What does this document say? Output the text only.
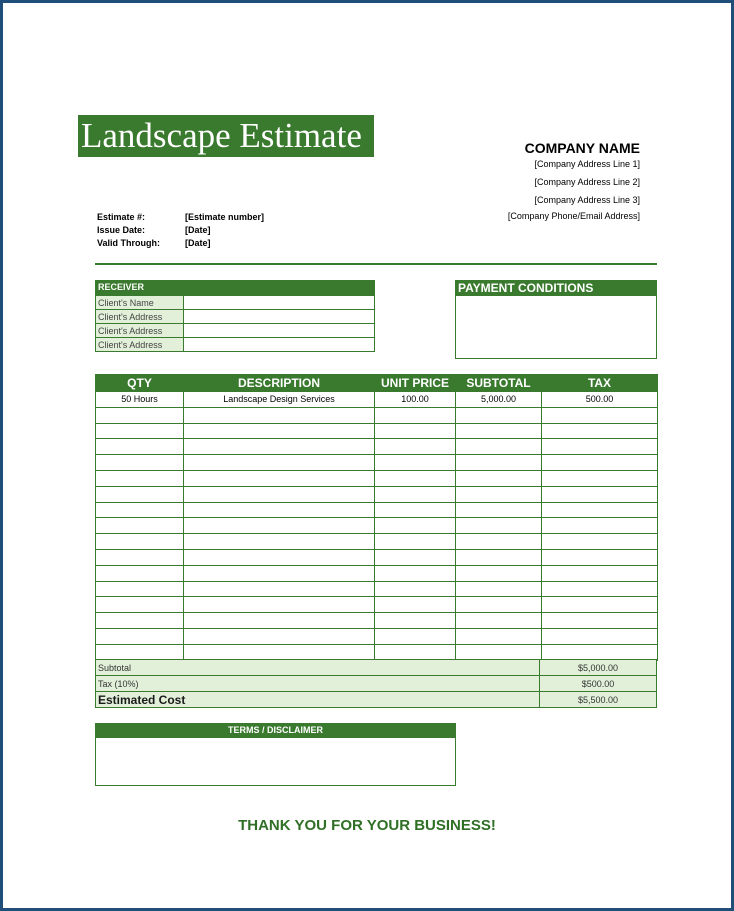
Landscape Estimate	COMPANY NAME
[Company Address Line 1]
[Company Address Line 2]
[Company Address Line 3]
[Company Phone/Email Address]
Estimate #:	[Estimate number]
Issue Date:	[Date]
Valid Through:	[Date]
RECEIVER
Client's Name	
Client's Address	
Client's Address	
Client's Address	
PAYMENT CONDITIONS
QTY	DESCRIPTION	UNIT PRICE	SUBTOTAL	TAX
50 Hours	Landscape Design Services	100.00	5,000.00	500.00

Subtotal	$5,000.00
Tax (10%)	$500.00
Estimated Cost	$5,500.00
TERMS / DISCLAIMER
THANK YOU FOR YOUR BUSINESS!
